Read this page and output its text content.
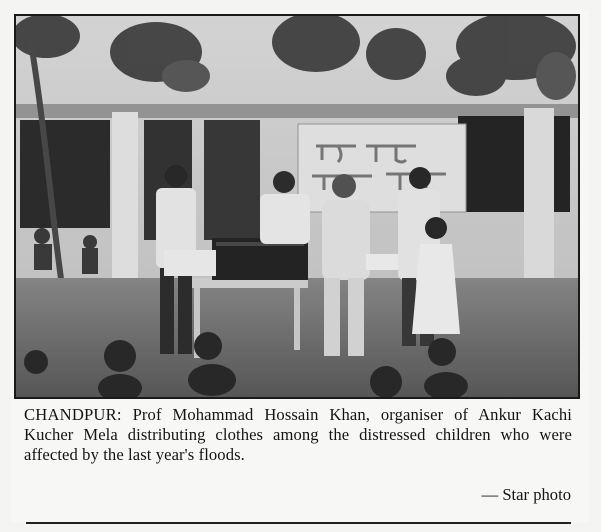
CHANDPUR: Prof Mohammad Hossain Khan, organiser of Ankur Kachi Kucher Mela distributing clothes among the distressed children who were affected by the last year's floods.
— Star photo
